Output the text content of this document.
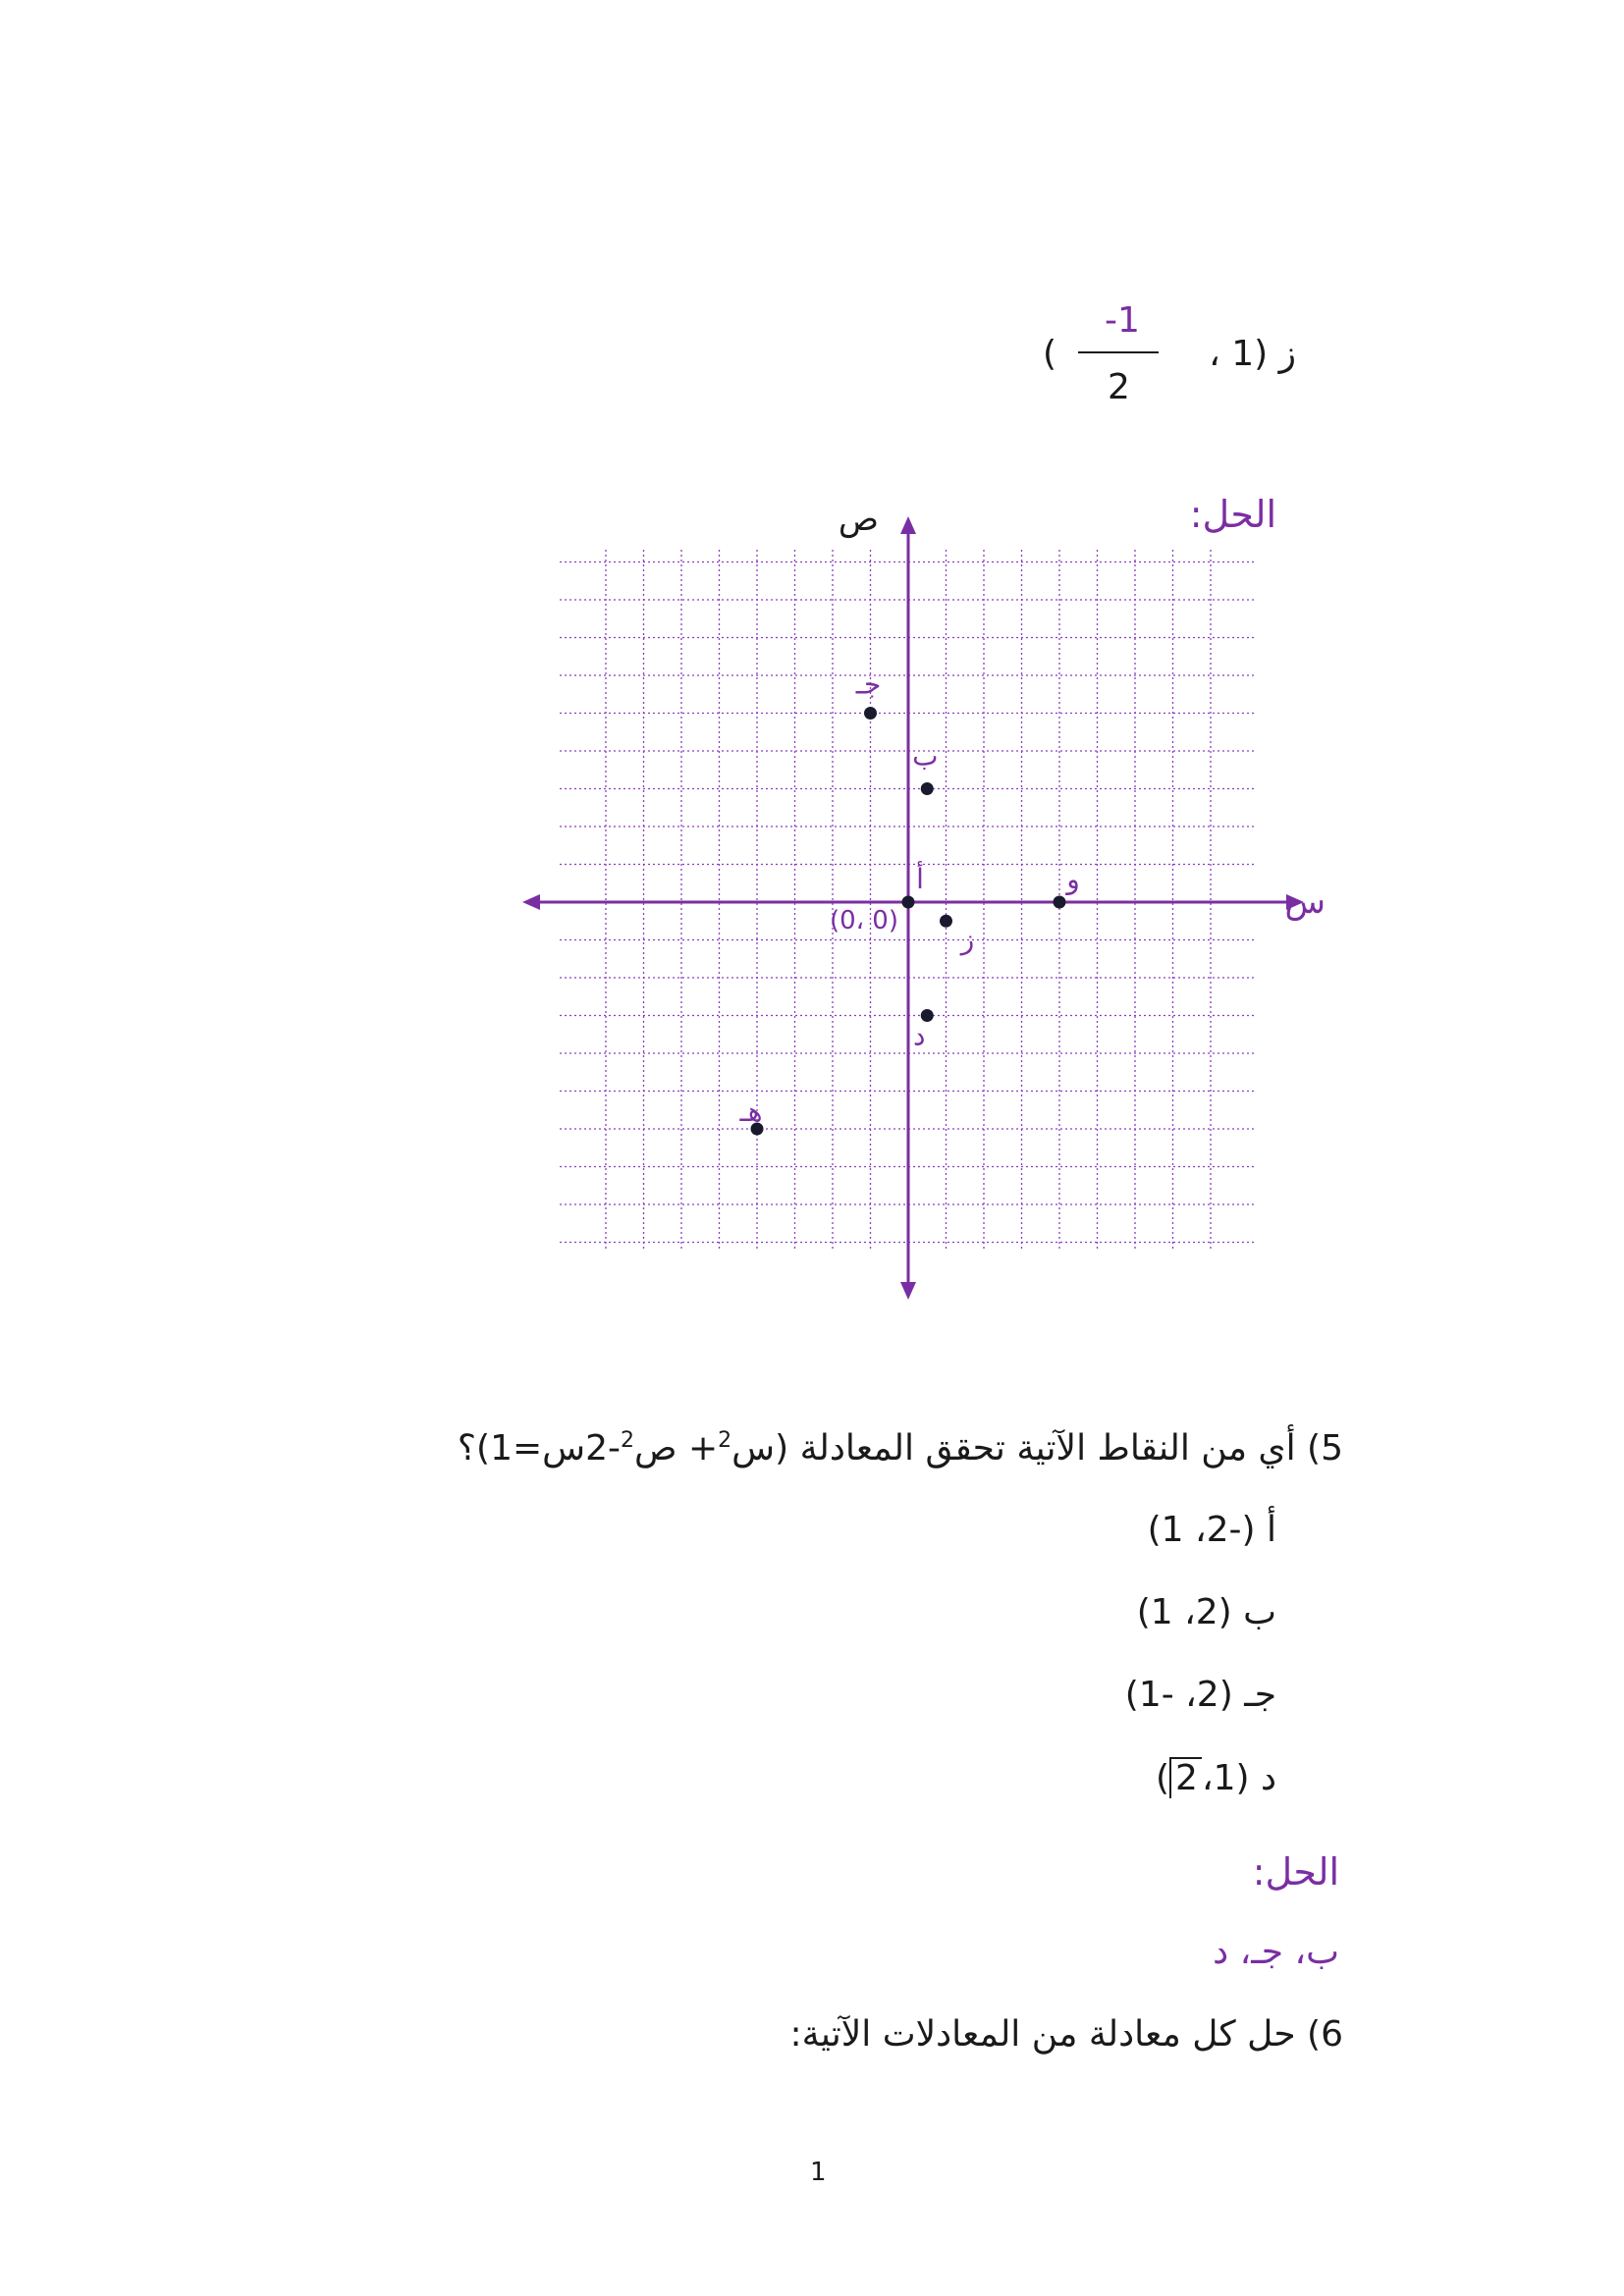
ز (1 ،
-1
2
(
الحل:
ص
س
(0، 0)
أ
ب
جـ
د
هـ
و
ز
5) أي من النقاط الآتية تحقق المعادلة (س$^2$+ ص$^2$-2س=1)؟
أ (-2، 1)
ب (2، 1)
جـ (2، -1)
د (1،2)
الحل:
ب، جـ، د
6) حل كل معادلة من المعادلات الآتية:
1
